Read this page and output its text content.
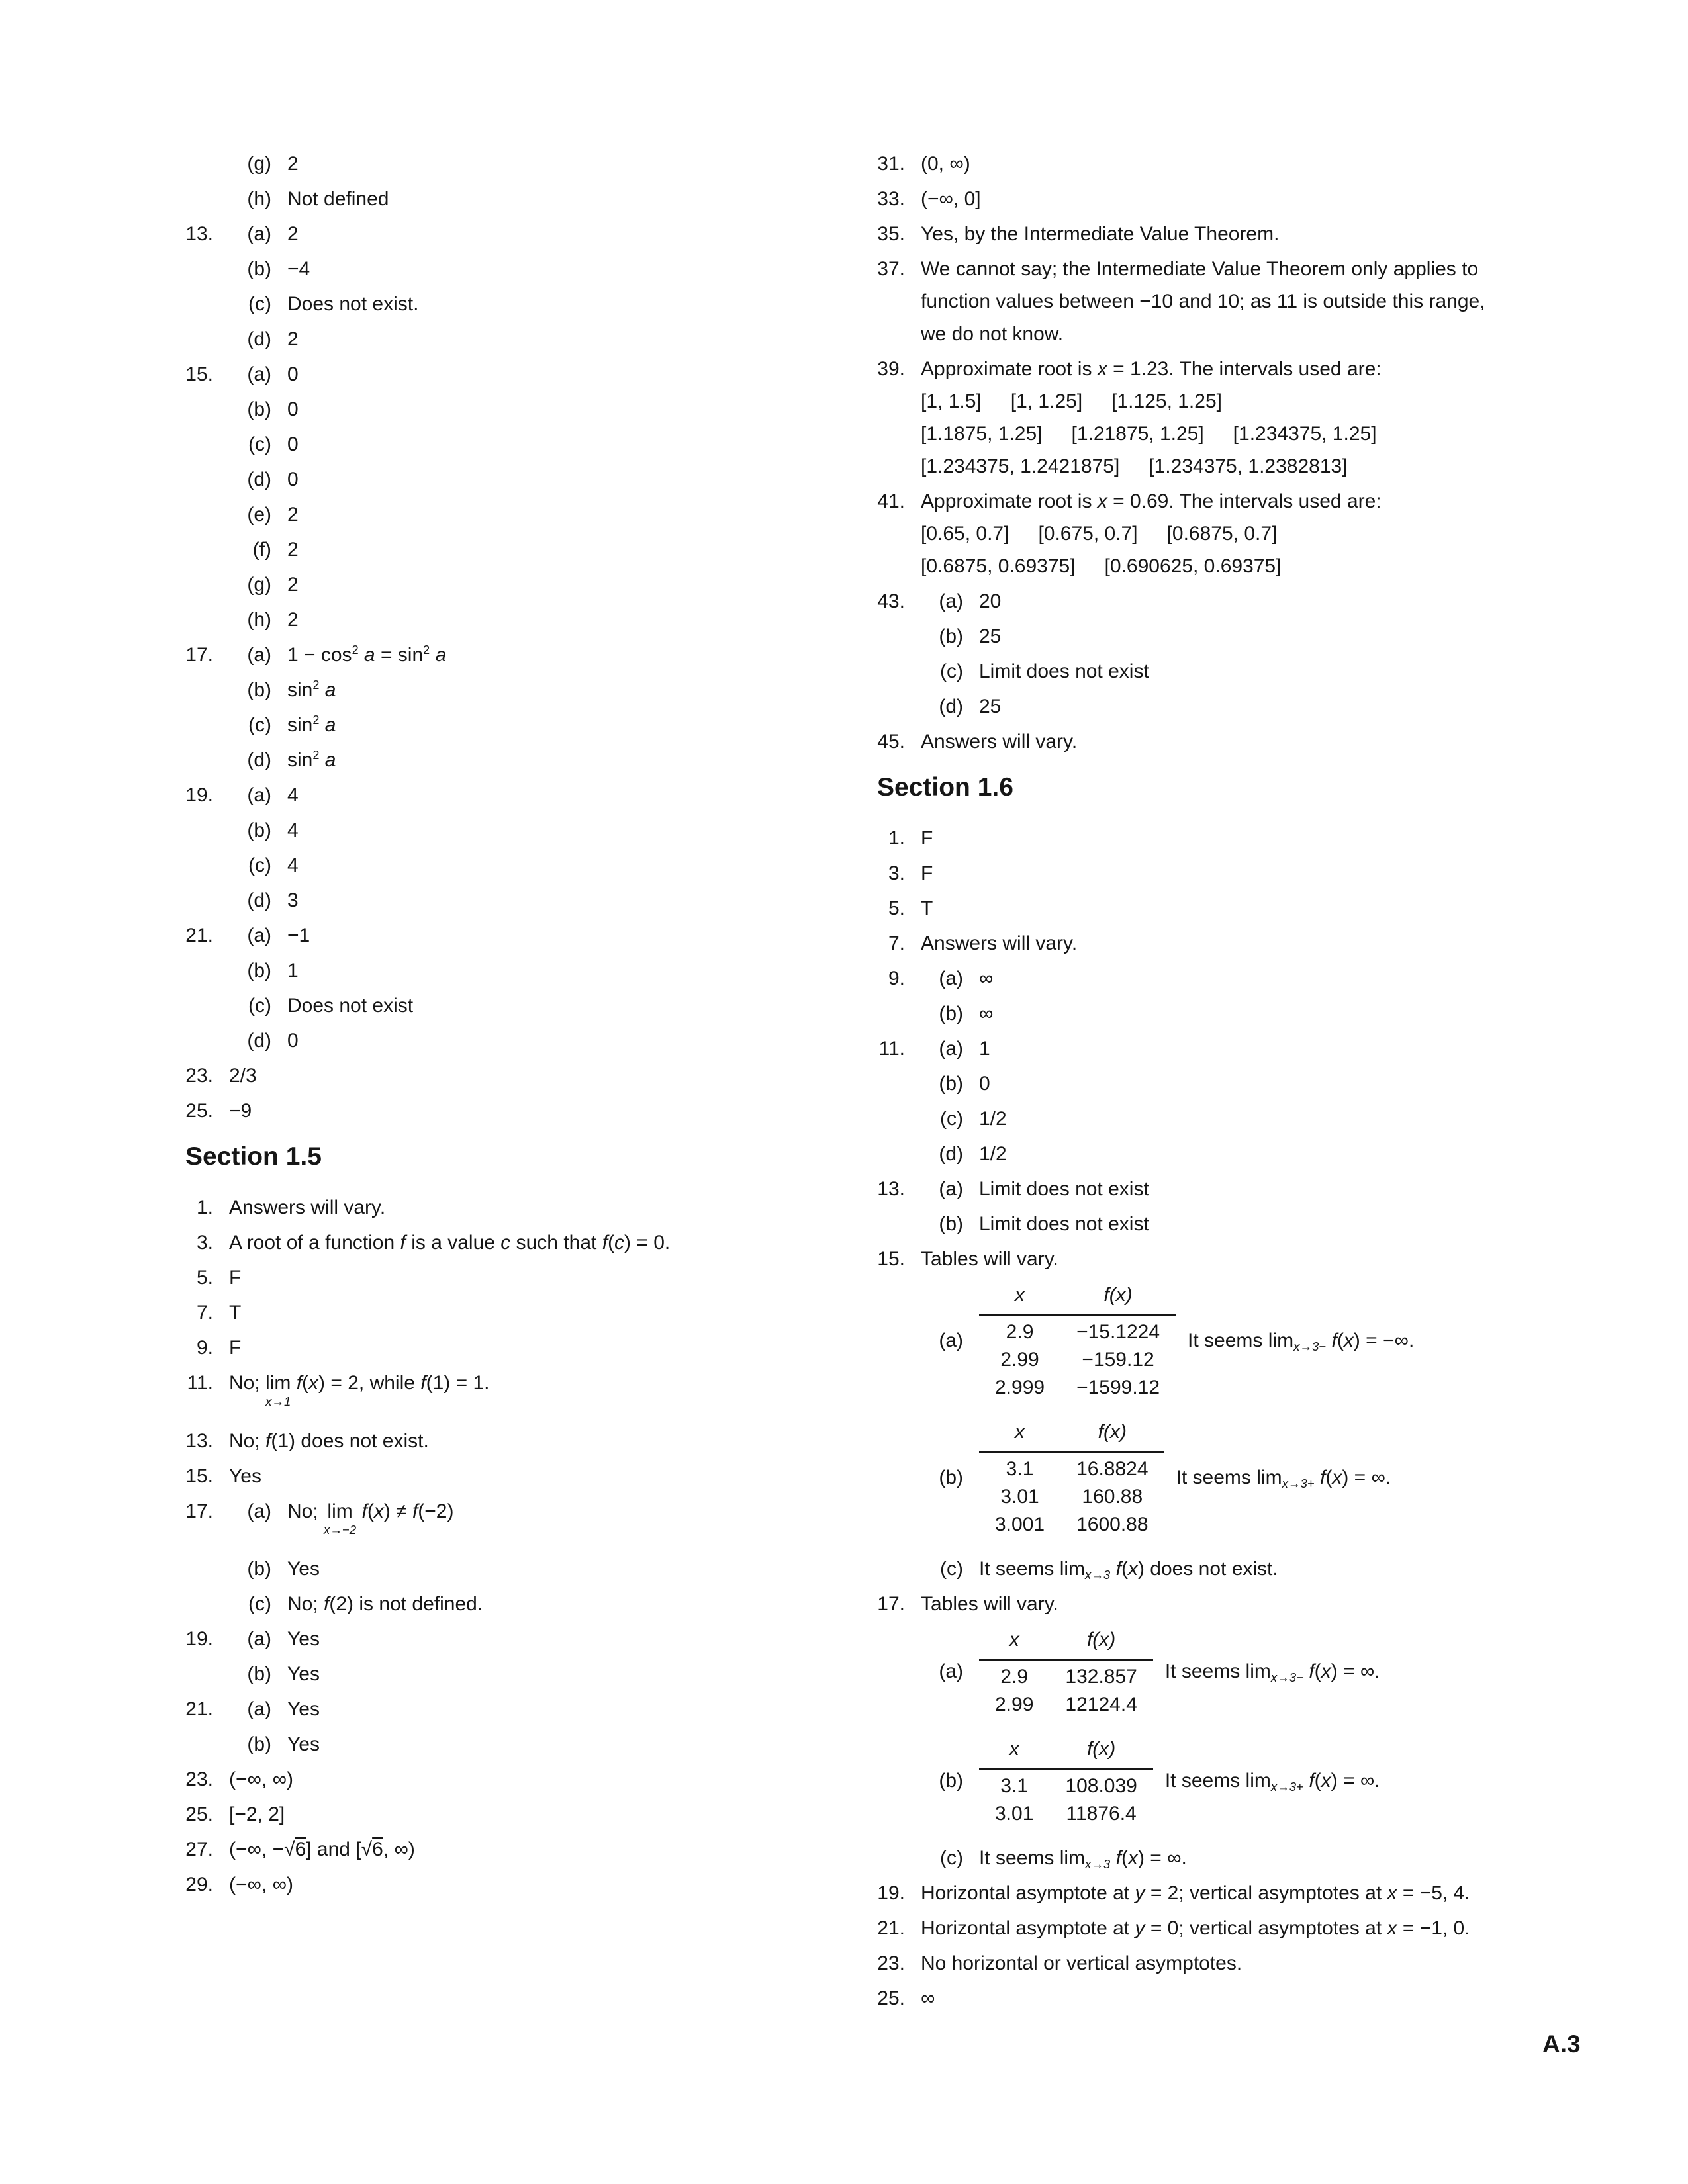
(g) 2
(h) Not defined
13.	(a) 2
(b) −4
(c) Does not exist.
(d) 2
15.	(a) 0
(b) 0
(c) 0
(d) 0
(e) 2
(f) 2
(g) 2
(h) 2
17.	(a) $1 - \cos^2 a = \sin^2 a$
(b) $\sin^2 a$
(c) $\sin^2 a$
(d) $\sin^2 a$
19.	(a) 4
(b) 4
(c) 4
(d) 3
21.	(a) −1
(b) 1
(c) Does not exist
(d) 0
23. 2/3
25. −9
Section 1.5
1. Answers will vary.
3. A root of a function f is a value c such that f(c) = 0.
5. F
7. T
9. F
11. No; lim
x→1
f(x) = 2, while f(1) = 1.
13. No; f(1) does not exist.
15. Yes
17.	(a) No; lim
x→−2
f(x) ≠ f(−2)
(b) Yes
(c) No; f(2) is not defined.
19.	(a) Yes
(b) Yes
21.	(a) Yes
(b) Yes
23. (−∞, ∞)
25. [−2, 2]
27. (−∞, −√6] and [√6, ∞)
29. (−∞, ∞)
31. (0, ∞)
33. (−∞, 0]
35. Yes, by the Intermediate Value Theorem.
37. We cannot say; the Intermediate Value Theorem only applies to
function values between −10 and 10; as 11 is outside this range,
we do not know.
39. Approximate root is x = 1.23. The intervals used are:
[1, 1.5] [1, 1.25] [1.125, 1.25]
[1.1875, 1.25] [1.21875, 1.25] [1.234375, 1.25]
[1.234375, 1.2421875] [1.234375, 1.2382813]
41. Approximate root is x = 0.69. The intervals used are:
[0.65, 0.7] [0.675, 0.7] [0.6875, 0.7]
[0.6875, 0.69375] [0.690625, 0.69375]
43.	(a) 20
(b) 25
(c) Limit does not exist
(d) 25
45. Answers will vary.
Section 1.6
1. F
3. F
5. T
7. Answers will vary.
9.	(a) ∞
(b) ∞
11.	(a) 1
(b) 0
(c) 1/2
(d) 1/2
13.	(a) Limit does not exist
(b) Limit does not exist
15. Tables will vary.
(a)
x	f(x)
2.9	−15.1224
2.99	−159.12
2.999	−1599.12
It seems $\lim_{x\to 3-} f(x)$ = −∞.
(b)
x	f(x)
3.1	16.8824
3.01	160.88
3.001	1600.88
It seems $\lim_{x\to 3+} f(x)$ = ∞.
(c) It seems $\lim_{x\to 3} f(x)$ does not exist.
17. Tables will vary.
(a)
x	f(x)
2.9	132.857
2.99	12124.4
It seems $\lim_{x\to 3-} f(x)$ = ∞.
(b)
x	f(x)
3.1	108.039
3.01	11876.4
It seems $\lim_{x\to 3+} f(x)$ = ∞.
(c) It seems $\lim_{x\to 3} f(x)$ = ∞.
19. Horizontal asymptote at y = 2; vertical asymptotes at x = −5, 4.
21. Horizontal asymptote at y = 0; vertical asymptotes at x = −1, 0.
23. No horizontal or vertical asymptotes.
25. ∞
A.3
